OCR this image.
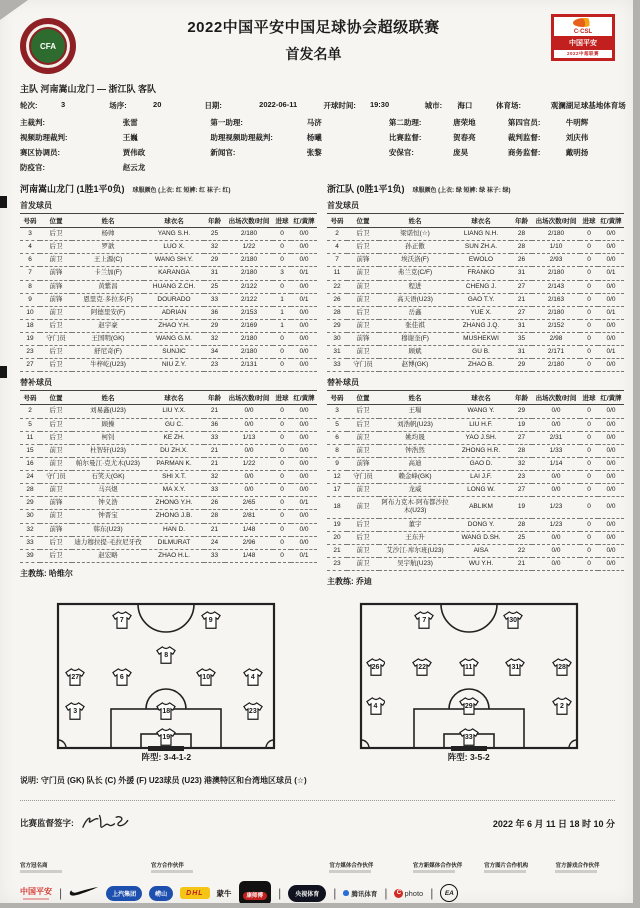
CFA
2022中国平安中国足球协会超级联赛
首发名单

C·CSL
中国平安
2022中超联赛
主队 河南嵩山龙门 — 浙江队 客队
轮次:	3	场序:	20	日期:	2022-06-11	开球时间:	19:30	城市:	海口	体育场:	观澜湖足球基地体育场
主裁判:	张雷	第一助理:	马济	第二助理:	唐荣地	第四官员:	牛明辉
视频助理裁判:	王巍	助理视频助理裁判:	杨曦	比赛监督:	贺春亮	裁判监督:	刘庆伟
赛区协调员:	贾伟政	新闻官:	张黎	安保官:	庞昊	商务监督:	戴明扬
防疫官:	赵云龙
河南嵩山龙门 (1胜1平0负) 球服颜色 (上衣: 红 短裤: 红 袜子: 红)
首发球员
号码	位置	姓名	球衣名	年龄	出场次数/时间	进球	红/黄牌
3	后卫	杨帅	YANG S.H.	25	2/180	0	0/0
4	后卫	罗歆	LUO X.	32	1/22	0	0/0
6	前卫	王上源(C)	WANG SH.Y.	29	2/180	0	0/0
7	前锋	卡兰加(F)	KARANGA	31	2/180	3	0/1
8	前锋	黄紫昌	HUANG Z.CH.	25	2/122	0	0/0
9	前锋	恩里克·多拉多(F)	DOURADO	33	2/122	1	0/1
10	前卫	阿德里安(F)	ADRIAN	36	2/153	1	0/0
18	后卫	赵宇豪	ZHAO Y.H.	29	2/169	1	0/0
19	守门员	王国明(GK)	WANG G.M.	32	2/180	0	0/0
23	后卫	舒尼奇(F)	SUNJIC	34	2/180	0	0/0
27	后卫	牛梓屹(U23)	NIU Z.Y.	23	2/131	0	0/0
替补球员
号码	位置	姓名	球衣名	年龄	出场次数/时间	进球	红/黄牌
2	后卫	刘易鑫(U23)	LIU Y.X.	21	0/0	0	0/0
5	后卫	顾操	GU C.	36	0/0	0	0/0
11	后卫	柯钊	KE ZH.	33	1/13	0	0/0
15	前卫	杜智轩(U23)	DU ZH.X.	21	0/0	0	0/0
16	前卫	帕尔曼江·克尤木(U23)	PARMAN K.	21	1/22	0	0/0
24	守门员	石笑天(GK)	SHI X.T.	32	0/0	0	0/0
28	前卫	马兴煜	MA X.Y.	33	0/0	0	0/0
29	前锋	钟义浩	ZHONG Y.H.	26	2/65	0	0/1
30	前卫	钟晋宝	ZHONG J.B.	28	2/81	0	0/0
32	前锋	韩东(U23)	HAN D.	21	1/48	0	0/0
33	后卫	迪力穆拉提·毛拉尼牙孜	DILMURAT	24	2/96	0	0/0
39	后卫	赵宏略	ZHAO H.L.	33	1/48	0	0/1
主教练: 哈维尔
浙江队 (0胜1平1负) 球服颜色 (上衣: 绿 短裤: 绿 袜子: 绿)
首发球员
号码	位置	姓名	球衣名	年龄	出场次数/时间	进球	红/黄牌
2	后卫	梁诺恒(☆)	LIANG N.H.	28	2/180	0	0/0
4	后卫	孙正傲	SUN ZH.A.	28	1/10	0	0/0
7	前锋	埃沃洛(F)	EWOLO	26	2/93	0	0/0
11	前卫	弗兰克(C/F)	FRANKO	31	2/180	0	0/1
22	前卫	程进	CHENG J.	27	2/143	0	0/0
26	前卫	高天语(U23)	GAO T.Y.	21	2/163	0	0/0
28	后卫	岳鑫	YUE X.	27	2/180	0	0/1
29	前卫	张佳祺	ZHANG J.Q.	31	2/152	0	0/0
30	前锋	穆谢奎(F)	MUSHEKWI	35	2/98	0	0/0
31	前卫	顾斌	GU B.	31	2/171	0	0/1
33	守门员	赵博(GK)	ZHAO B.	29	2/180	0	0/0
替补球员
号码	位置	姓名	球衣名	年龄	出场次数/时间	进球	红/黄牌
3	后卫	王瑒	WANG Y.	29	0/0	0	0/0
5	后卫	刘浩帆(U23)	LIU H.F.	19	0/0	0	0/0
6	前卫	姚均晟	YAO J.SH.	27	2/31	0	0/0
8	前卫	钟浩然	ZHONG H.R.	28	1/33	0	0/0
9	前锋	高迪	GAO D.	32	1/14	0	0/0
12	守门员	赖金峰(GK)	LAI J.F.	23	0/0	0	0/0
17	前卫	龙威	LONG W.	27	0/0	0	0/0
18	前卫	阿布力克木·阿布都沙拉木(U23)	ABLIKM	19	1/23	0	0/0
19	后卫	董宇	DONG Y.	28	1/23	0	0/0
20	后卫	王东升	WANG D.SH.	25	0/0	0	0/0
21	前卫	艾沙江·库尔班(U23)	AISA	22	0/0	0	0/0
23	前卫	吴宇航(U23)	WU Y.H.	21	0/0	0	0/0
主教练: 乔迪
7	9
8
27	6	10	4
3	18	23
19
阵型: 3-4-1-2
7	30
26	22	11	31	28
4	29	2
33
阵型: 3-5-2
说明: 守门员 (GK) 队长 (C) 外援 (F) U23球员 (U23) 港澳特区和台湾地区球员 (☆)
比赛监督签字:	2022 年 6 月 11 日 18 时 10 分
官方冠名商	官方合作伙伴	官方媒体合作伙伴	官方新媒体合作伙伴	官方图片合作机构	官方游戏合作伙伴
中国平安 |	上汽集团	崂山	DHL	蒙牛	康师傅	|	央视体育	|	腾讯体育 |	C photo |	EA
